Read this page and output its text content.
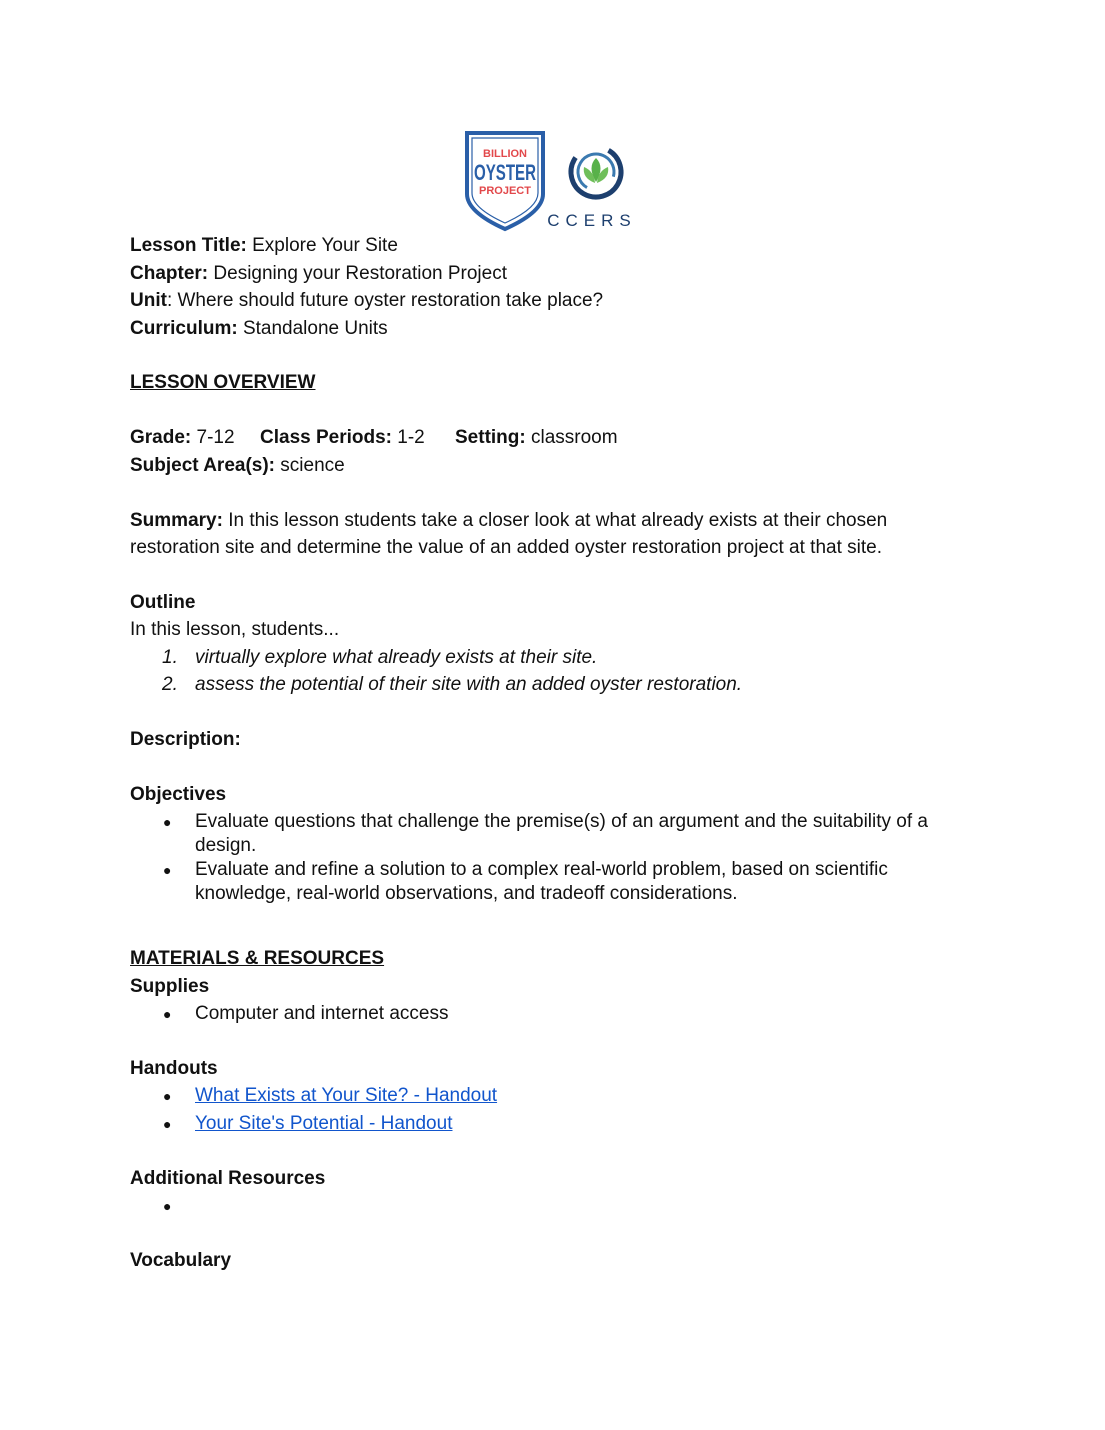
BILLION
OYSTER
PROJECT
CCERS
Lesson Title: Explore Your Site
Chapter: Designing your Restoration Project
Unit: Where should future oyster restoration take place?
Curriculum: Standalone Units
LESSON OVERVIEW
Grade: 7-12 Class Periods: 1-2 Setting: classroom
Subject Area(s): science
Summary: In this lesson students take a closer look at what already exists at their chosen
restoration site and determine the value of an added oyster restoration project at that site.
Outline
In this lesson, students...
1. virtually explore what already exists at their site.
2. assess the potential of their site with an added oyster restoration.
Description:
Objectives
● Evaluate questions that challenge the premise(s) of an argument and the suitability of a
design.
● Evaluate and refine a solution to a complex real-world problem, based on scientific
knowledge, real-world observations, and tradeoff considerations.
MATERIALS & RESOURCES
Supplies
● Computer and internet access
Handouts
● What Exists at Your Site? - Handout
● Your Site's Potential - Handout
Additional Resources
●
Vocabulary
